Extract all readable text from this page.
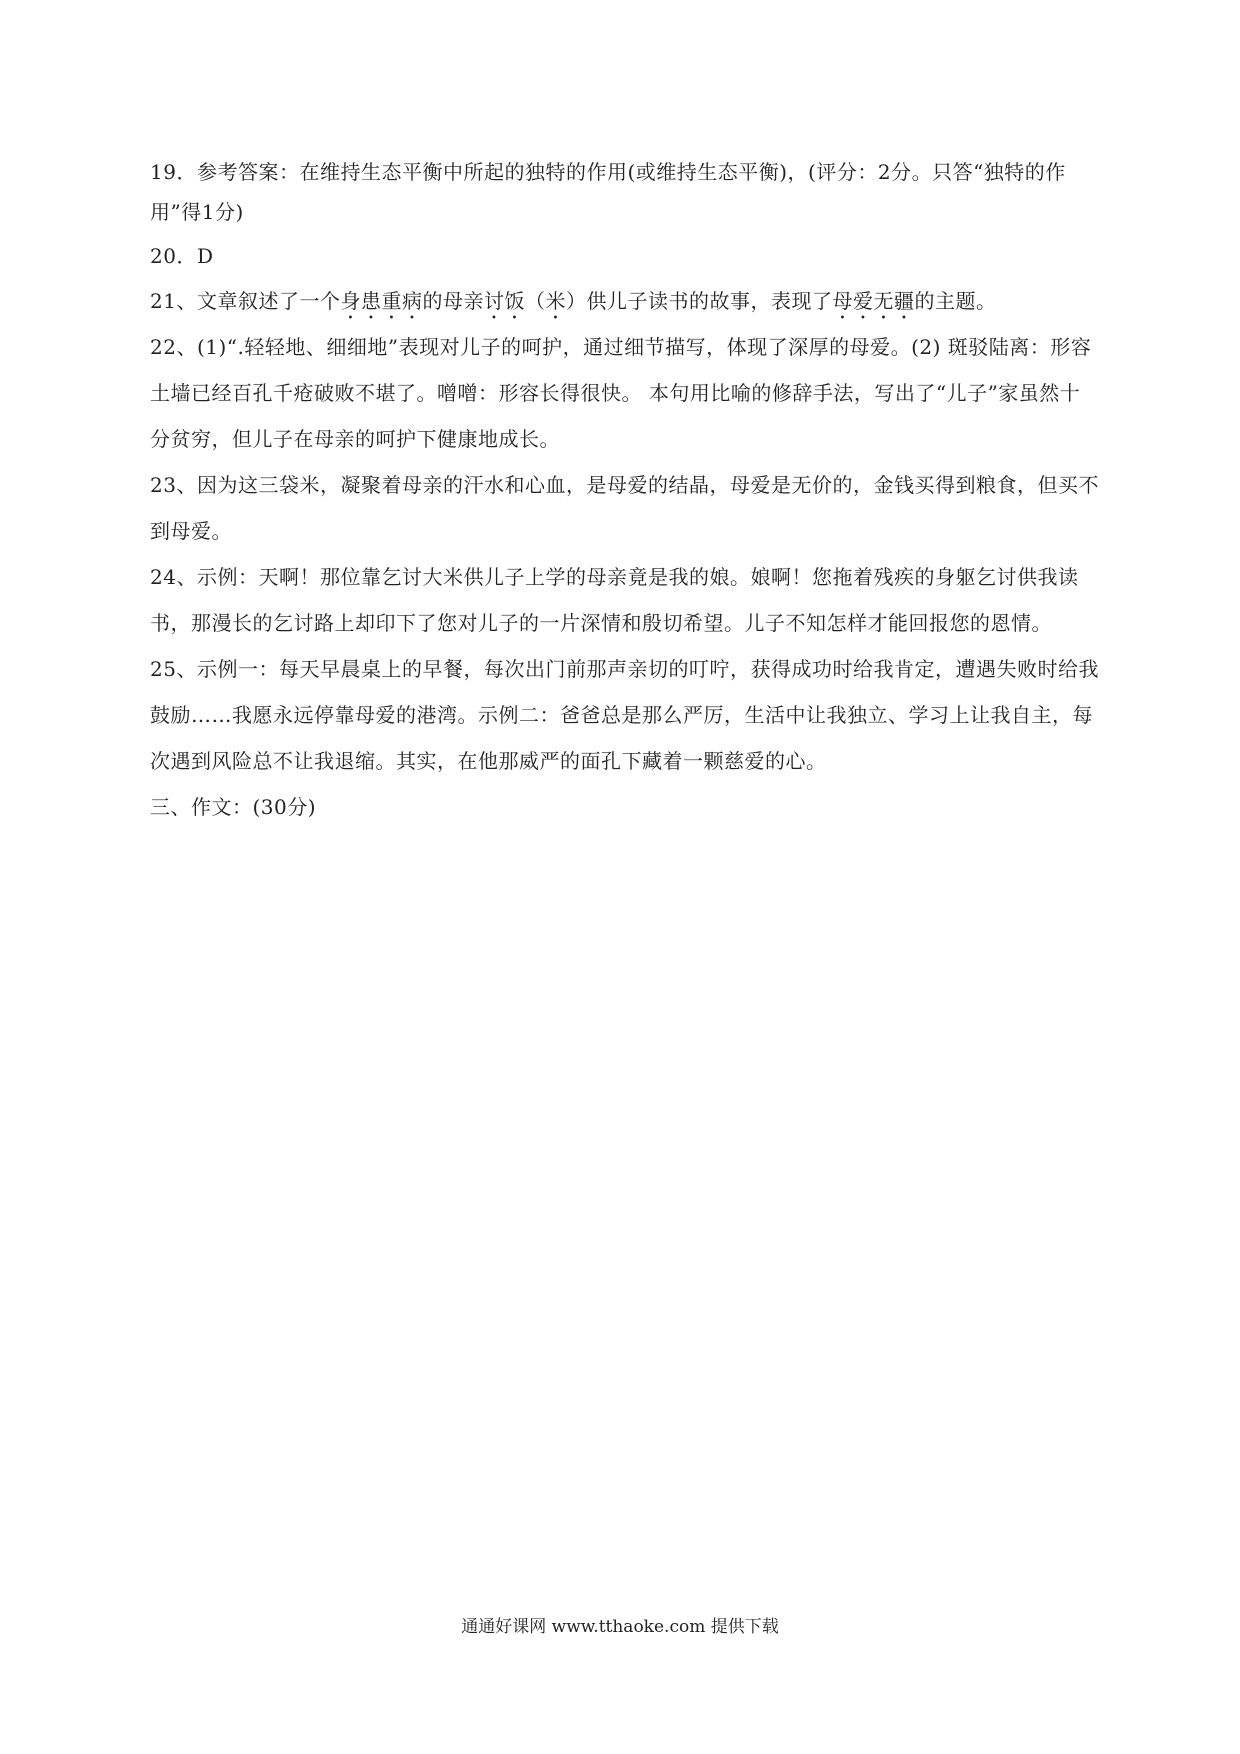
19．参考答案：在维持生态平衡中所起的独特的作用(或维持生态平衡)，(评分：2分。只答“独特的作用”得1分)

20．D

21、文章叙述了一个身患重病的母亲讨饭（米）供儿子读书的故事，表现了母爱无疆的主题。

22、(1)“.轻轻地、细细地”表现对儿子的呵护，通过细节描写，体现了深厚的母爱。(2) 斑驳陆离：形容土墙已经百孔千疮破败不堪了。噌噌：形容长得很快。 本句用比喻的修辞手法，写出了“儿子”家虽然十分贫穷，但儿子在母亲的呵护下健康地成长。

23、因为这三袋米，凝聚着母亲的汗水和心血，是母爱的结晶，母爱是无价的，金钱买得到粮食，但买不到母爱。

24、示例：天啊！那位靠乞讨大米供儿子上学的母亲竟是我的娘。娘啊！您拖着残疾的身躯乞讨供我读书，那漫长的乞讨路上却印下了您对儿子的一片深情和殷切希望。儿子不知怎样才能回报您的恩情。

25、示例一：每天早晨桌上的早餐，每次出门前那声亲切的叮咛，获得成功时给我肯定，遭遇失败时给我鼓励……我愿永远停靠母爱的港湾。示例二：爸爸总是那么严厉，生活中让我独立、学习上让我自主，每次遇到风险总不让我退缩。其实，在他那威严的面孔下藏着一颗慈爱的心。

三、作文：(30分)

通通好课网 www.tthaoke.com 提供下载
